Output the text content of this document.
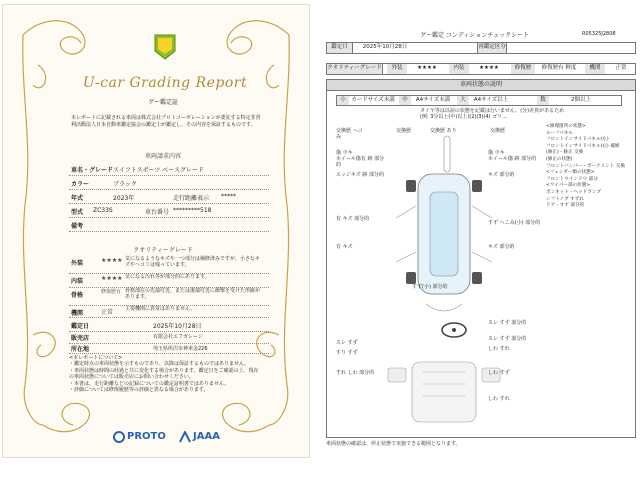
U-car Grading Report
グー鑑定証
本レポートに記載される車両は株式会社プロトコーポレーションが委託する特定非営利活動法人日本自動車鑑定協会の鑑定士が鑑定し、その内容を保証するものです。
車両請求内容
車名・グレード スイフトスポーツ ベースグレード
カラー	ブラック
年式	2023年	走行距離表示 *****
型式 ZC33S	車台番号 *********518
備考
クオリティーグレード
外装	★★★★ 気になるようなキズや一つ部分は補修済みですが、小さなキズやヘコミは残っています。
内装	★★★★ 気になる汚れ等が部分的にあります。
骨格	修復歴有 骨格部位の先端付近、または後端付近に衝撃を受けた形跡があります。
機関	正常 主要機関に異常はありません。
鑑定日	2025年10月28日
販売店	有限会社エフガレージ
所在地	埼玉県所沢市神米金226
<本レポートについて>
・鑑定時点の車両状態を示すものであり、以降は保証するものではありません。
・車両状態は時間の経過と共に変化する場合があります。鑑定日をご確認の上、現在の車両状態については販売店にお問い合わせください。
・本書は、走行距離などの記録についての鑑定証明書ではありません。
・評価については修復履歴等の評価と異なる場合があります。
PROTO	JAAA
グー鑑定 コンディションチェックシート	R05325J2808
鑑定日	2025年10月28日	再鑑定区分
クオリティーグレード	外装	★★★★	内装	★★★★	修復歴	修復歴有 軽度	機関	正常
車両状態の説明
小 カードサイズ未満	中	A4サイズ未満	大	A4サイズ以上	数	2個以上
タイヤ等は以前の状態を記載は行いません。(分)差異があるため
(例: 3分以上(中)以上)(2)(3)(4) ゴリ...
交換歴 ヘコみ
交換歴	交換歴 あり	交換歴
傷 ウキ
ホイール傷有 跡 部分的
傷 ウキ
ホイール傷 跡 部分的
エッジキズ 跡 部分的	キズ 部分的
有 キズ 部分的
すず へこみ(小) 部分的
有 キズ	キズ 部分的
すず(小) 部分的
スレ すず 部分的
スレ すず
スレ すず 部分的
しわ すれ
すり すず
すれ しわ 部分的	しわ すず
しわ すれ
<修理箇所の状態>
ルーフパネル
フロントインサイドパネル(左)
フロントインサイドパネル(右) 補修
(修正)・修正 交換
(修正の状態)
フロントバンパー・ボーナメント 交換
<フェンダー類の状態>
フロントウインドウ 部分
<ワイパー部の状態>
ボンネット・ヘッドランプ
シフトノブ すずれ
ドア・すず 部分的
車両状態の確認は、停止状態で実施できる範囲となります。
